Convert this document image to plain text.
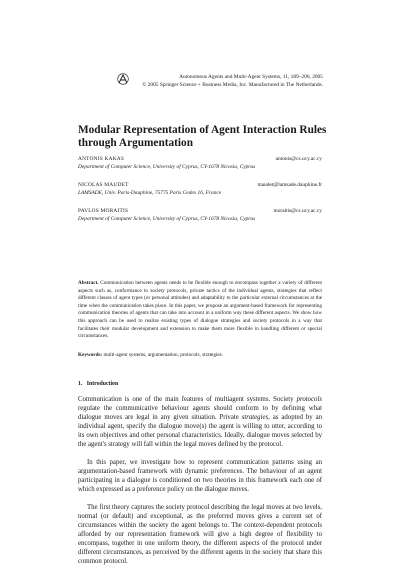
Autonomous Agents and Multi-Agent Systems, 11, 189–206, 2005
© 2005 Springer Science + Business Media, Inc. Manufactured in The Netherlands.
Modular Representation of Agent Interaction Rules through Argumentation
ANTONIS KAKAS	antonis@cs.ucy.ac.cy
Department of Computer Science, University of Cyprus, CY-1678 Nicosia, Cyprus
NICOLAS MAUDET	maudet@lamsade.dauphine.fr
LAMSADE, Univ. Paris-Dauphine, 75775 Paris Cedex 16, France
PAVLOS MORAITIS	moraitis@cs.ucy.ac.cy
Department of Computer Science, University of Cyprus, CY-1678 Nicosia, Cyprus
Abstract. Communication between agents needs to be flexible enough to encompass together a variety of different aspects such as, conformance to society protocols, private tactics of the individual agents, strategies that reflect different classes of agent types (or personal attitudes) and adaptability to the particular external circumstances at the time when the communication takes place. In this paper, we propose an argument-based framework for representing communication theories of agents that can take into account in a uniform way these different aspects. We show how this approach can be used to realize existing types of dialogue strategies and society protocols in a way that facilitates their modular development and extension to make them more flexible in handling different or special circumstances.
Keywords: multi-agent systems, argumentation, protocols, strategies.
1. Introduction
Communication is one of the main features of multiagent systems. Society protocols regulate the communicative behaviour agents should conform to by defining what dialogue moves are legal in any given situation. Private strategies, as adopted by an individual agent, specify the dialogue move(s) the agent is willing to utter, according to its own objectives and other personal characteristics. Ideally, dialogue moves selected by the agent's strategy will fall within the legal moves defined by the protocol.
In this paper, we investigate how to represent communication patterns using an argumentation-based framework with dynamic preferences. The behaviour of an agent participating in a dialogue is conditioned on two theories in this framework each one of which expressed as a preference policy on the dialogue moves.
The first theory captures the society protocol describing the legal moves at two levels, normal (or default) and exceptional, as the preferred moves gives a current set of circumstances within the society the agent belongs to. The context-dependent protocols afforded by our representation framework will give a high degree of flexibility to encompass, together in one uniform theory, the different aspects of the protocol under different circumstances, as perceived by the different agents in the society that share this common protocol.
